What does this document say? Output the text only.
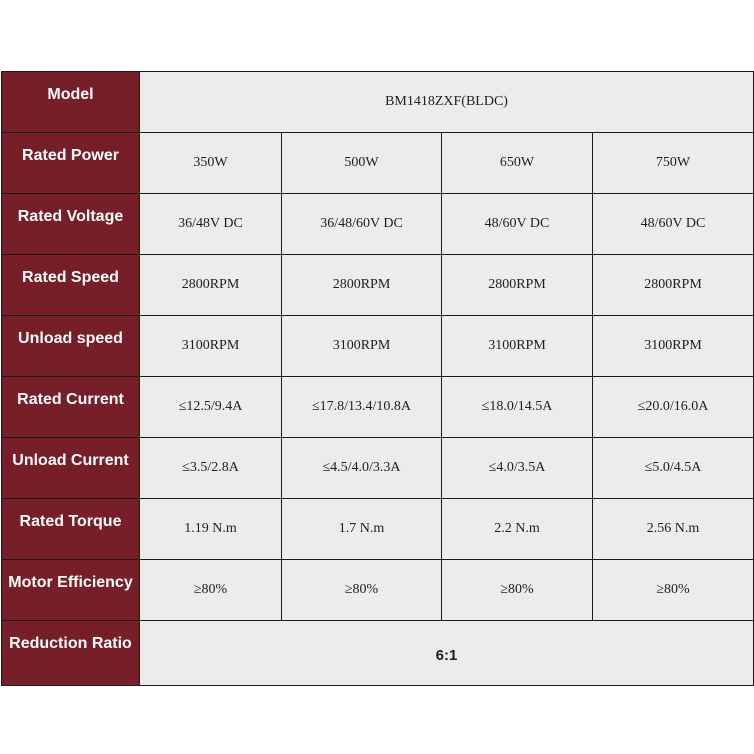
Model	BM1418ZXF(BLDC)			
Rated Power	350W	500W	650W	750W
Rated Voltage	36/48V DC	36/48/60V DC	48/60V DC	48/60V DC
Rated Speed	2800RPM	2800RPM	2800RPM	2800RPM
Unload speed	3100RPM	3100RPM	3100RPM	3100RPM
Rated Current	≤12.5/9.4A	≤17.8/13.4/10.8A	≤18.0/14.5A	≤20.0/16.0A
Unload Current	≤3.5/2.8A	≤4.5/4.0/3.3A	≤4.0/3.5A	≤5.0/4.5A
Rated Torque	1.19 N.m	1.7 N.m	2.2 N.m	2.56 N.m
Motor Efficiency	≥80%	≥80%	≥80%	≥80%
Reduction Ratio	6:1			
